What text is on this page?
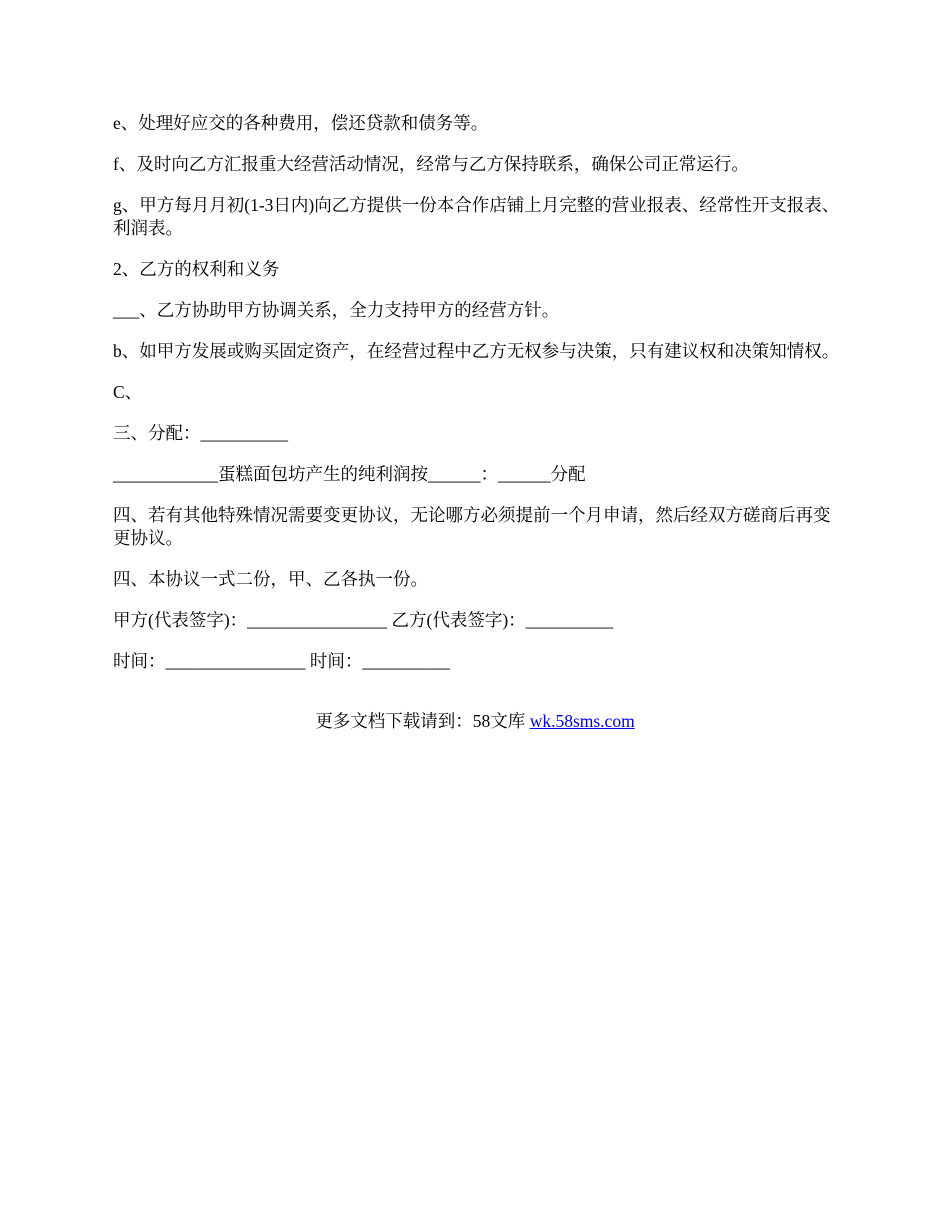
e、处理好应交的各种费用，偿还贷款和债务等。

f、及时向乙方汇报重大经营活动情况，经常与乙方保持联系，确保公司正常运行。

g、甲方每月月初(1-3日内)向乙方提供一份本合作店铺上月完整的营业报表、经常性开支报表、利润表。

2、乙方的权利和义务

___、乙方协助甲方协调关系，全力支持甲方的经营方针。

b、如甲方发展或购买固定资产，在经营过程中乙方无权参与决策，只有建议权和决策知情权。

C、

三、分配：__________

____________蛋糕面包坊产生的纯利润按______：______分配

四、若有其他特殊情况需要变更协议，无论哪方必须提前一个月申请，然后经双方磋商后再变更协议。

四、本协议一式二份，甲、乙各执一份。

甲方(代表签字)：________________ 乙方(代表签字)：__________

时间：________________ 时间：__________

更多文档下载请到：58文库 wk.58sms.com
